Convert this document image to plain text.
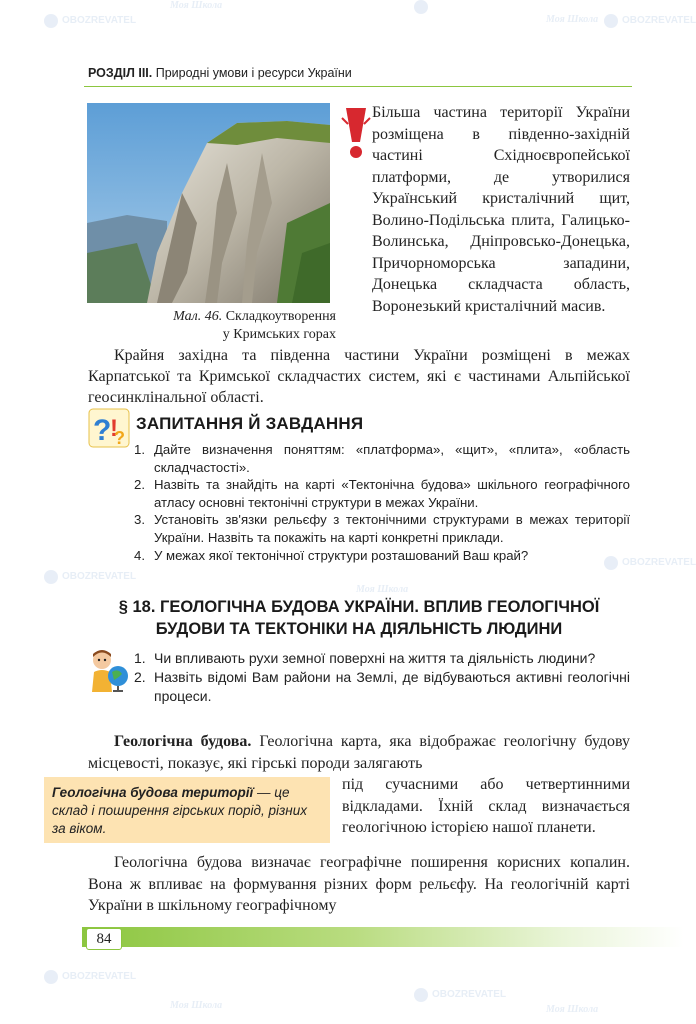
РОЗДІЛ ІІІ. Природні умови і ресурси України
Мал. 46. Складкоутворення
у Кримських горах
Більша частина території України розміщена в південно-західній частині Східноєвропейської платформи, де утворилися Український кристалічний щит, Волино-Подільська плита, Галицько-Волинська, Дніпровсько-Донецька, Причорноморська западини, Донецька складчаста область, Воронезький кристалічний масив.
Крайня західна та південна частини України розміщені в межах Карпатської та Кримської складчастих систем, які є частинами Альпійської геосинклінальної області.
?
!
?
ЗАПИТАННЯ Й ЗАВДАННЯ
1. Дайте визначення поняттям: «платформа», «щит», «плита», «область складчастості».
2. Назвіть та знайдіть на карті «Тектонічна будова» шкільного географічного атласу основні тектонічні структури в межах України.
3. Установіть зв'язки рельєфу з тектонічними структурами в межах території України. Назвіть та покажіть на карті конкретні приклади.
4. У межах якої тектонічної структури розташований Ваш край?
§ 18. ГЕОЛОГІЧНА БУДОВА УКРАЇНИ. ВПЛИВ ГЕОЛОГІЧНОЇ
БУДОВИ ТА ТЕКТОНІКИ НА ДІЯЛЬНІСТЬ ЛЮДИНИ
1. Чи впливають рухи земної поверхні на життя та діяльність людини?
2. Назвіть відомі Вам райони на Землі, де відбуваються активні геологічні процеси.
Геологічна будова. Геологічна карта, яка відображає геологічну будову місцевості, показує, які гірські породи залягають
Геологічна будова території — це склад і поширення гірських порід, різних за віком.
під сучасними або четвертинними відкладами. Їхній склад визначається геологічною історією нашої планети.
Геологічна будова визначає географічне поширення корисних копалин. Вона ж впливає на формування різних форм рельєфу. На геологічній карті України в шкільному географічному
84
OBOZREVATEL
Моя Школа
Моя Школа OBOZREVATEL
OBOZREVATEL
Моя Школа
OBOZREVATEL
OBOZREVATEL
Моя Школа
OBOZREVATEL
Моя Школа
